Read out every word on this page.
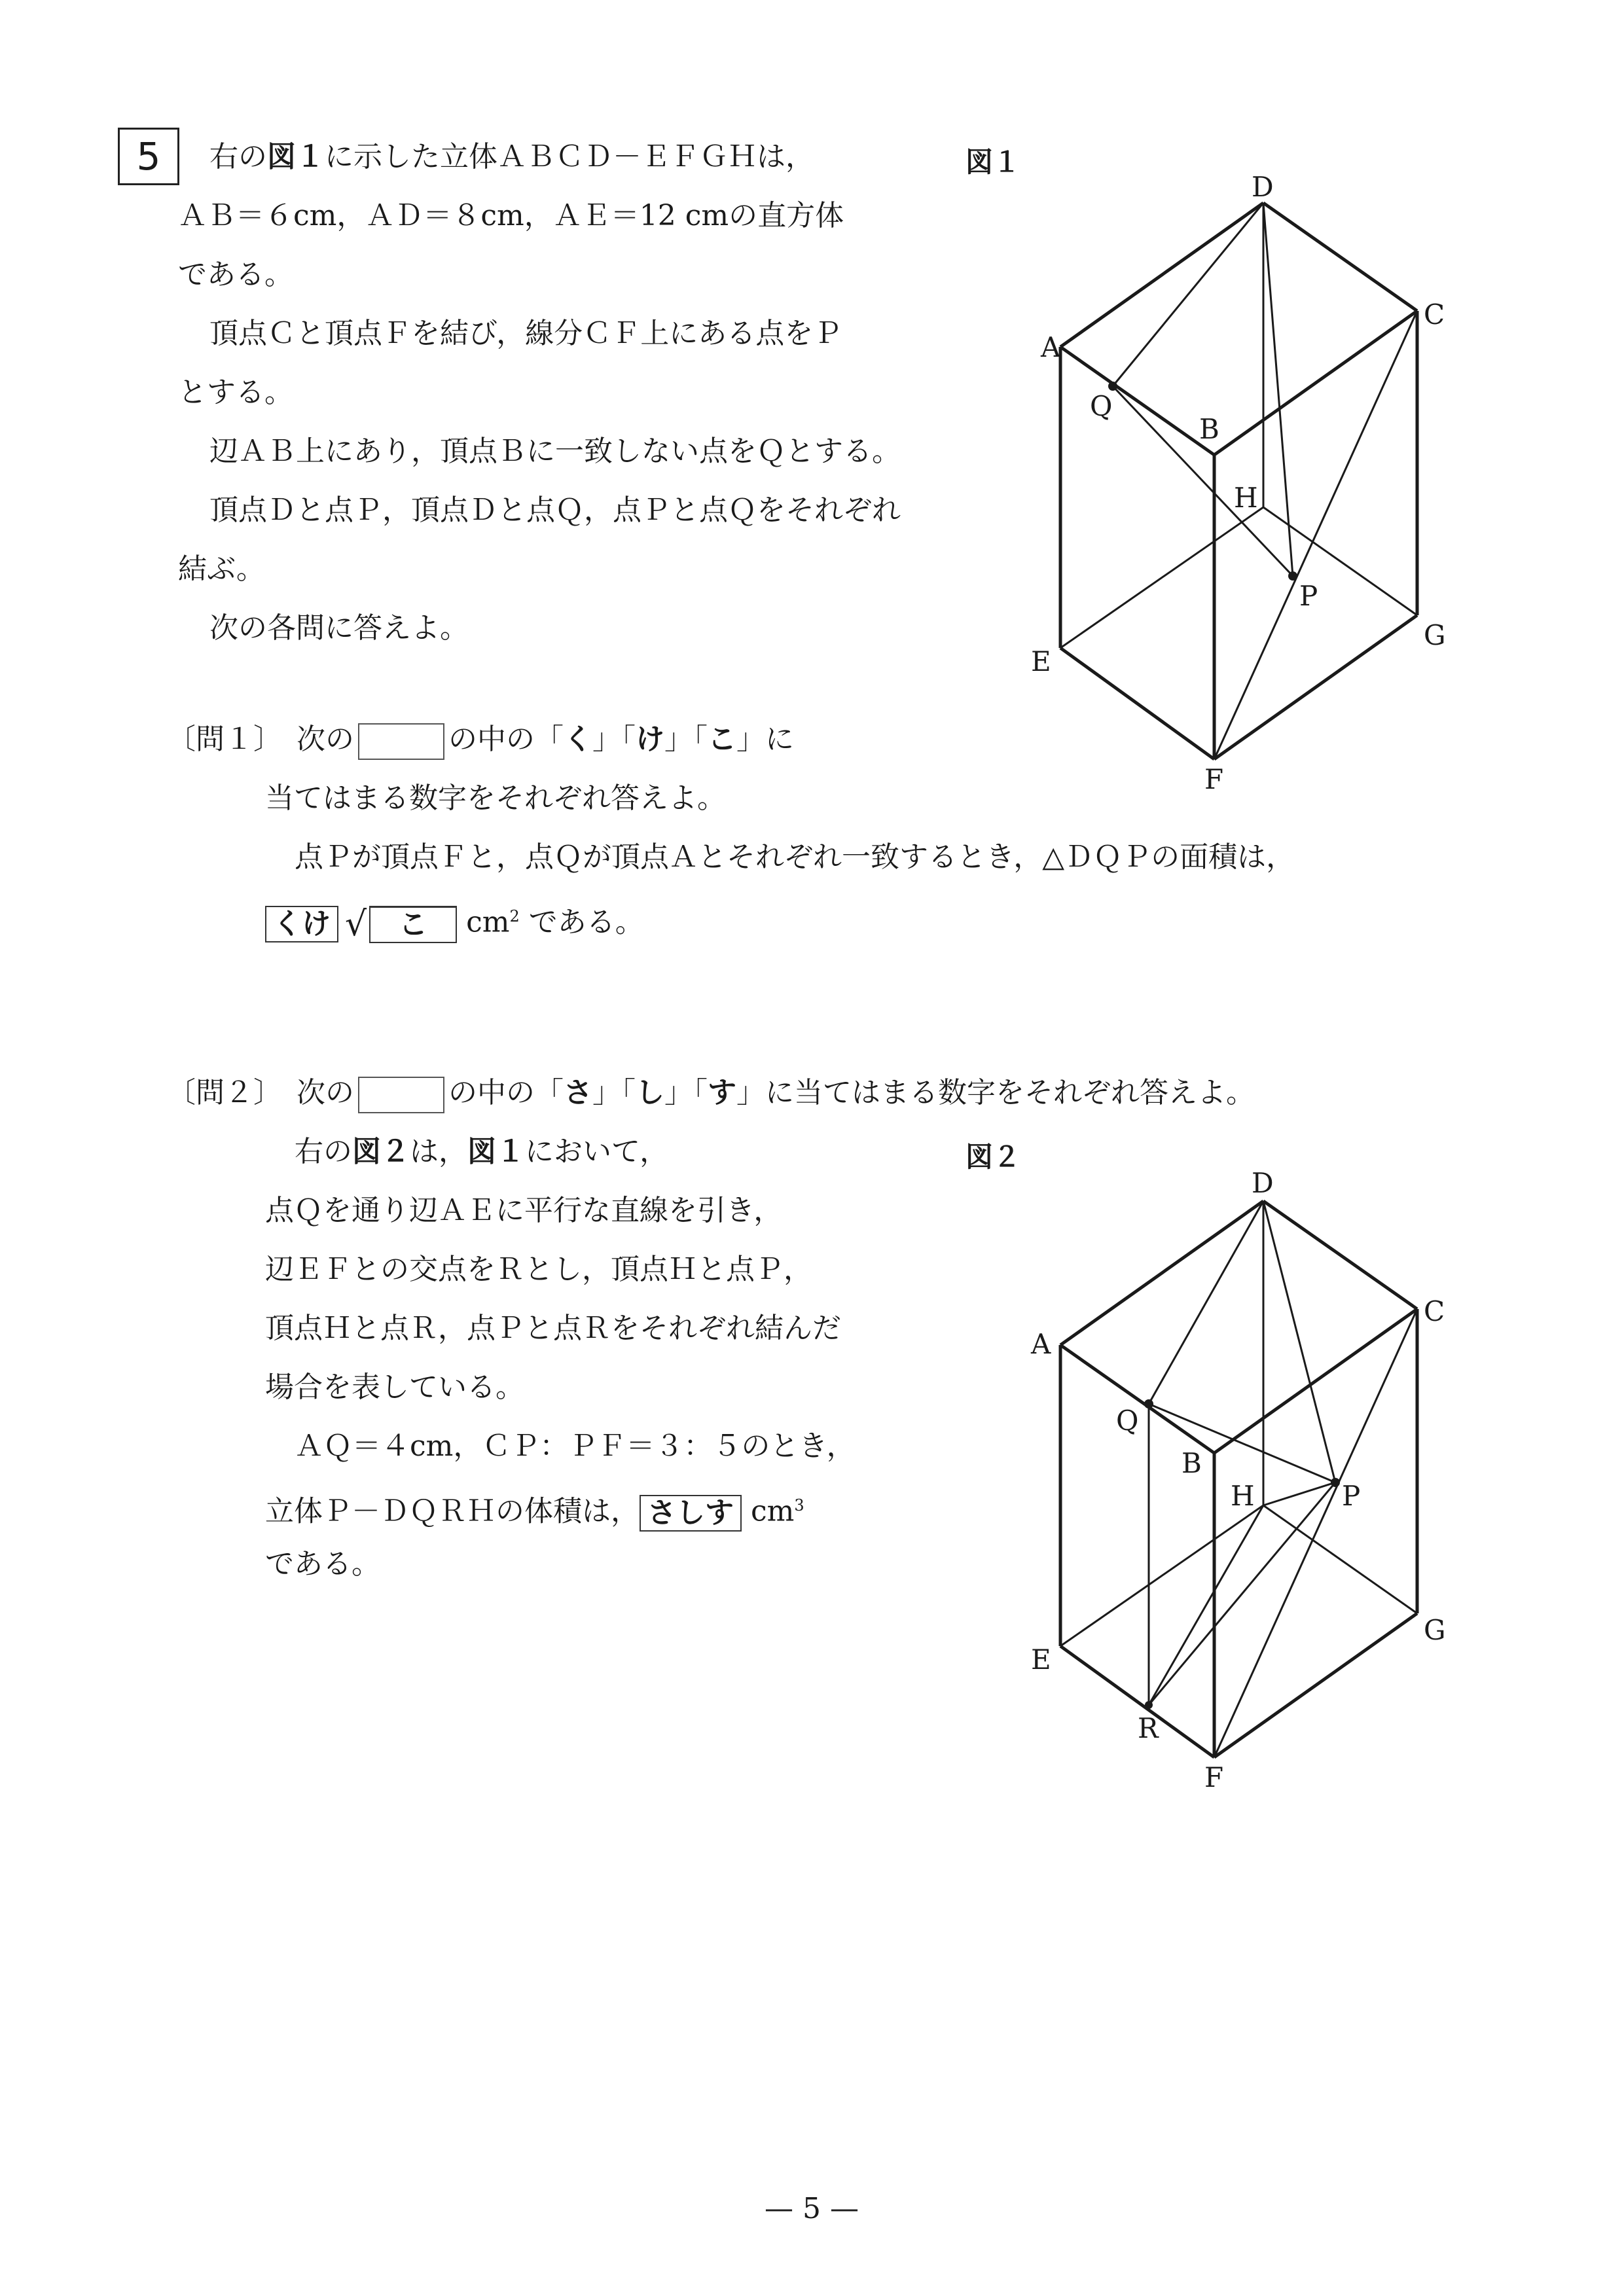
5 右の図１に示した立体ＡＢＣＤ－ＥＦＧＨは，
ＡＢ＝６cm，ＡＤ＝８cm，ＡＥ＝12 cmの直方体
である。
頂点Ｃと頂点Ｆを結び，線分ＣＦ上にある点をＰ
とする。
辺ＡＢ上にあり，頂点Ｂに一致しない点をＱとする。
頂点Ｄと点Ｐ，頂点Ｄと点Ｑ，点Ｐと点Ｑをそれぞれ
結ぶ。
次の各問に答えよ。
図１
D
A
C
Q
B
H
P
G
E
F
〔問１〕　 次の	の中の「く」「け」「こ」に
当てはまる数字をそれぞれ答えよ。
点Ｐが頂点Ｆと，点Ｑが頂点Ａとそれぞれ一致するとき，△ＤＱＰの面積は，
くけ √ こ $cm^2$ である。
〔問２〕　 次の	の中の「さ」「し」「す」に当てはまる数字をそれぞれ答えよ。
右の図２は，図１において，
点Ｑを通り辺ＡＥに平行な直線を引き，
辺ＥＦとの交点をＲとし，頂点Ｈと点Ｐ，
頂点Ｈと点Ｒ，点Ｐと点Ｒをそれぞれ結んだ
場合を表している。
ＡＱ＝４cm，ＣＰ：ＰＦ＝３：５のとき，
立体Ｐ－ＤＱＲＨの体積は， さしす $cm^3$
である。
図２
D
A
C
Q
B
H	P
G
E
R
F
— 5 —
